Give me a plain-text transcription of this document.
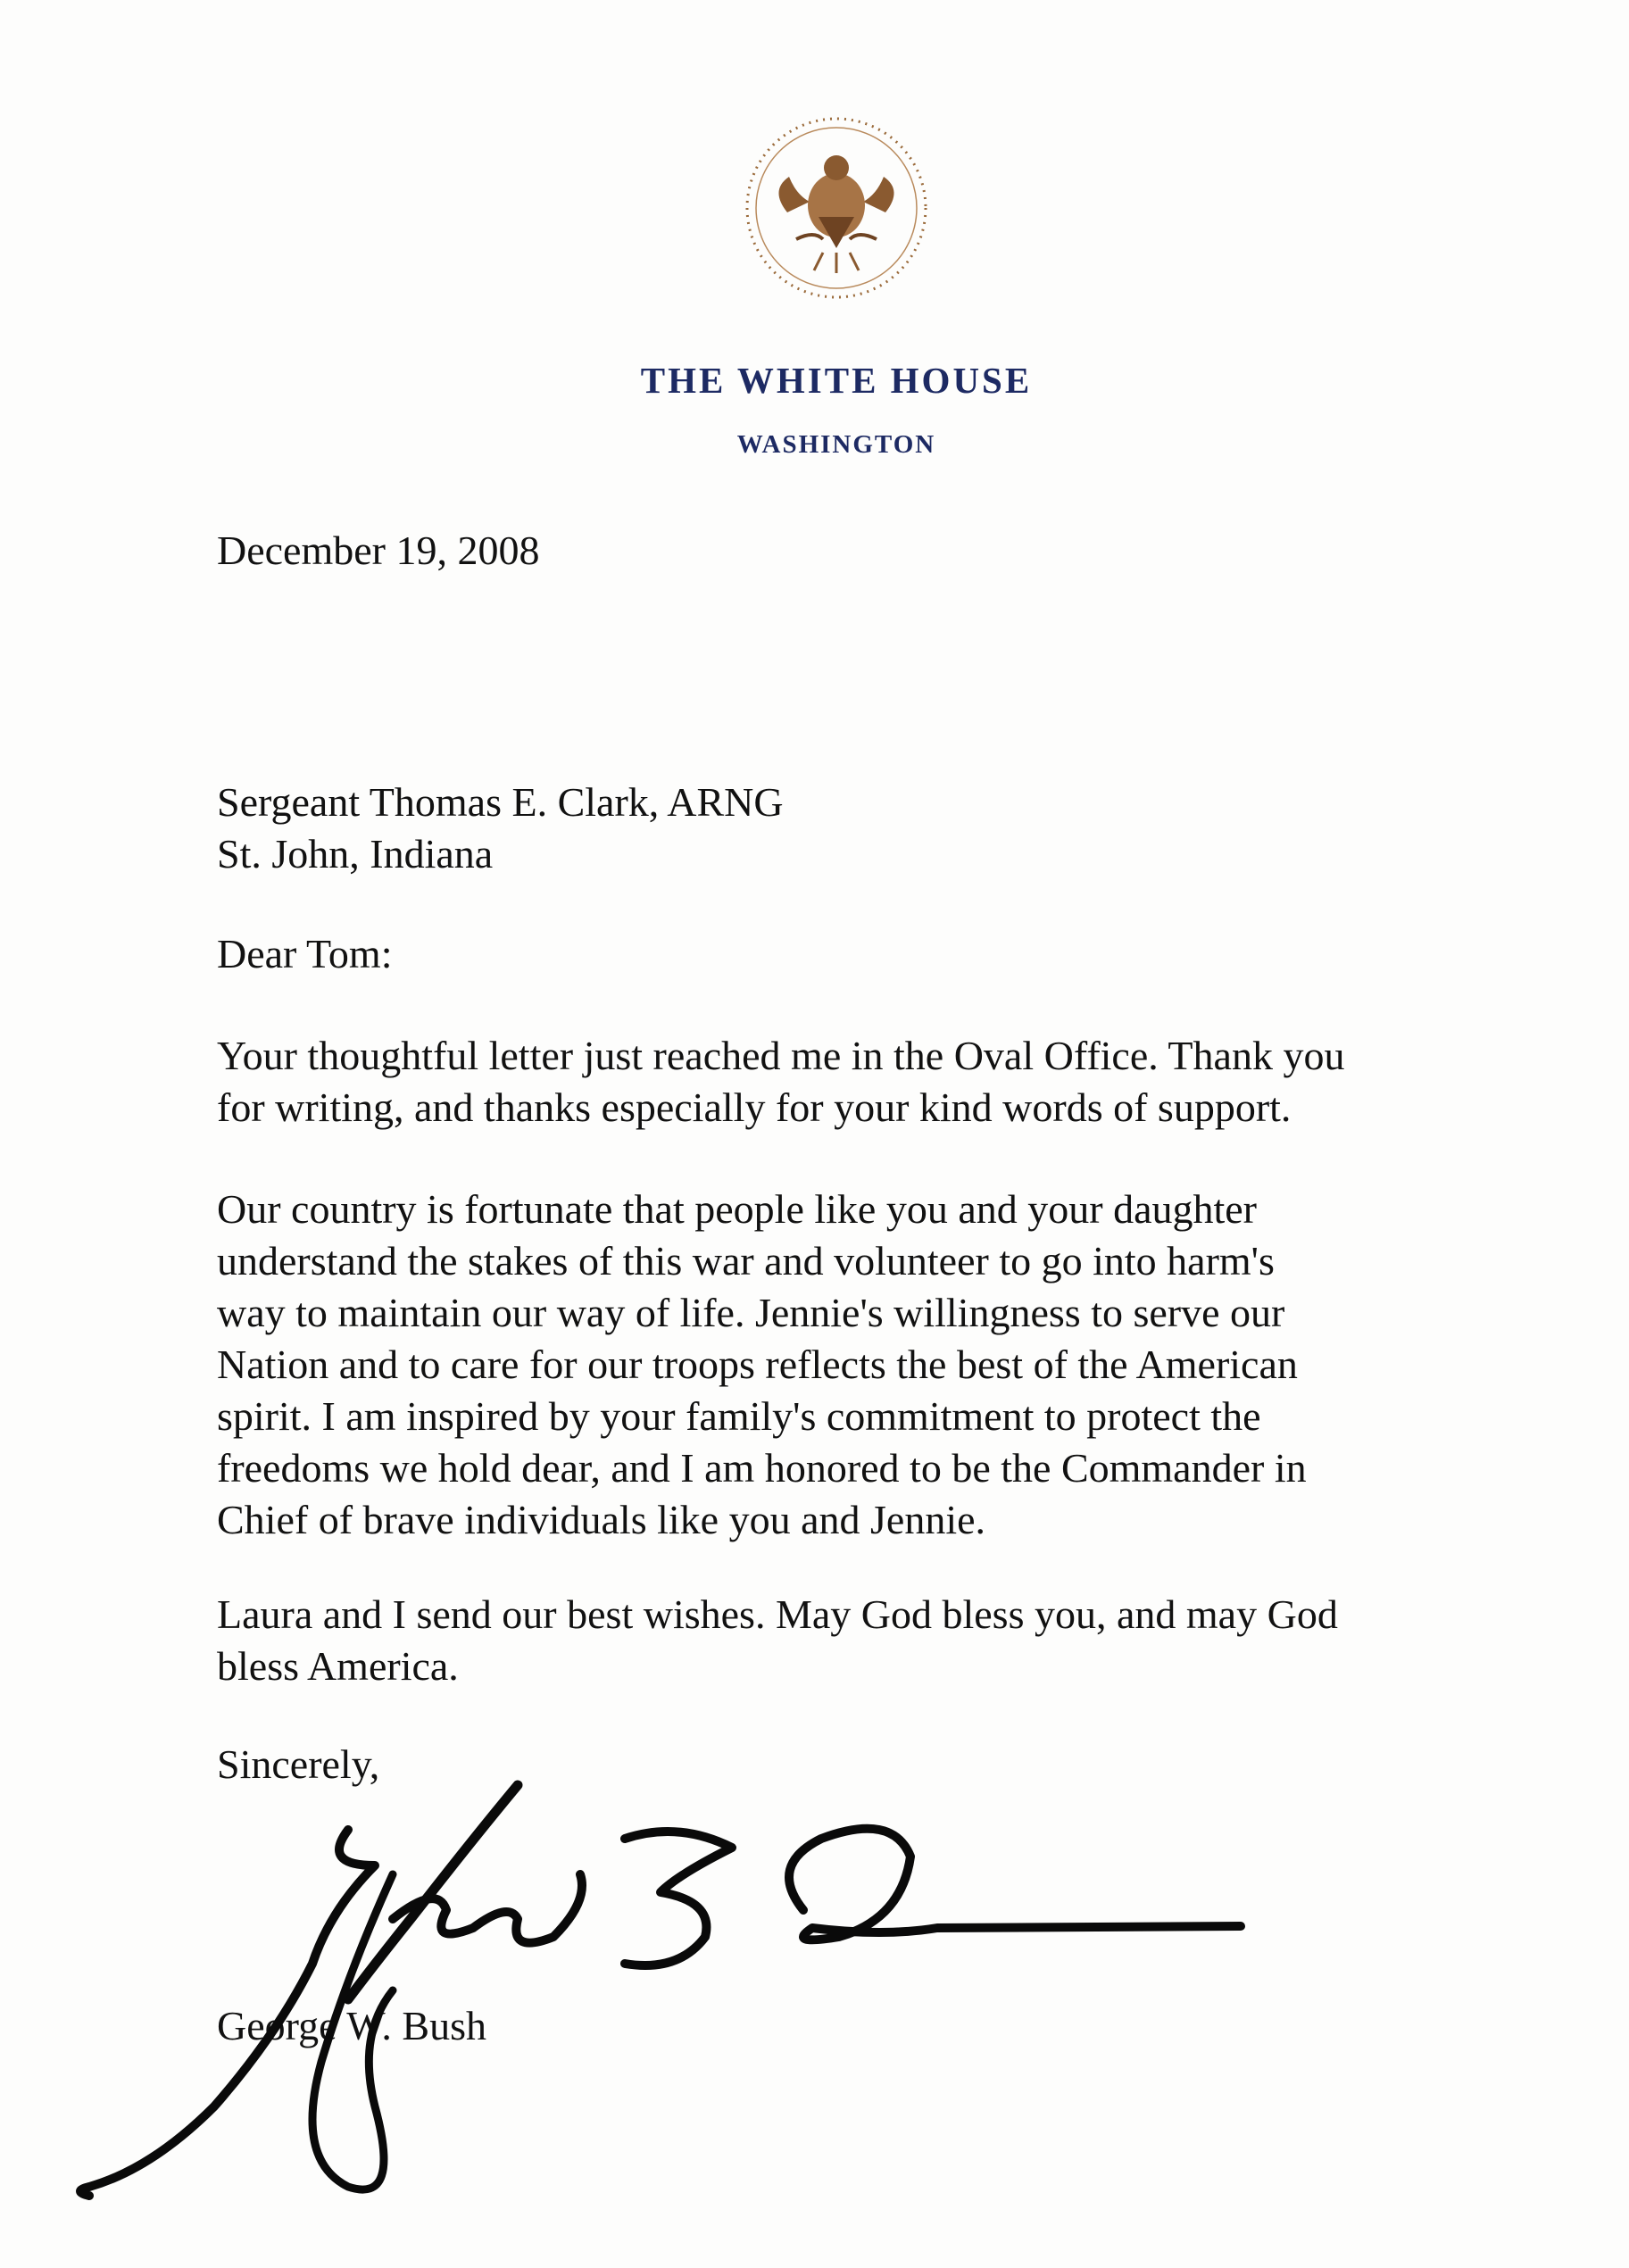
THE WHITE HOUSE
WASHINGTON
December 19, 2008
Sergeant Thomas E. Clark, ARNG
St. John, Indiana
Dear Tom:
Your thoughtful letter just reached me in the Oval Office. Thank you
for writing, and thanks especially for your kind words of support.
Our country is fortunate that people like you and your daughter
understand the stakes of this war and volunteer to go into harm's
way to maintain our way of life. Jennie's willingness to serve our
Nation and to care for our troops reflects the best of the American
spirit. I am inspired by your family's commitment to protect the
freedoms we hold dear, and I am honored to be the Commander in
Chief of brave individuals like you and Jennie.
Laura and I send our best wishes. May God bless you, and may God
bless America.
Sincerely,
George W. Bush
